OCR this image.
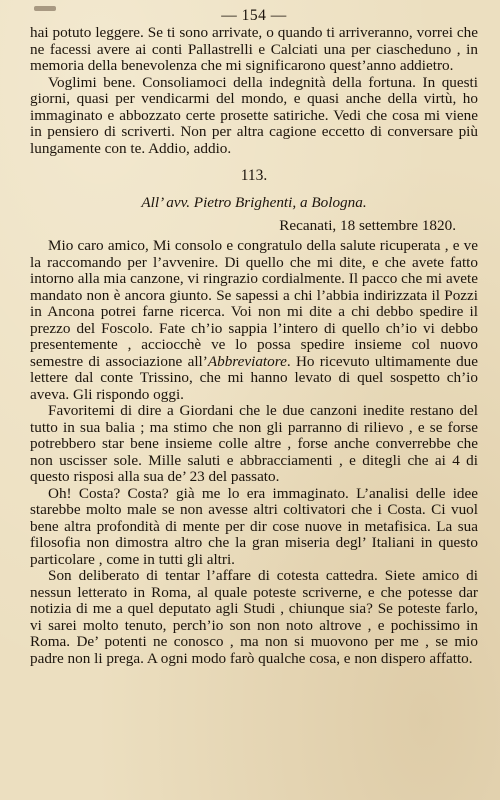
— 154 —

hai potuto leggere. Se ti sono arrivate, o quando ti arriveranno, vorrei che ne facessi avere ai conti Pallastrelli e Calciati una per ciascheduno , in memoria della benevolenza che mi significarono quest’anno addietro.

Voglimi bene. Consoliamoci della indegnità della fortuna. In questi giorni, quasi per vendicarmi del mondo, e quasi anche della virtù, ho immaginato e abbozzato certe prosette satiriche. Vedi che cosa mi viene in pensiero di scriverti. Non per altra cagione eccetto di conversare più lungamente con te. Addio, addio.

113.
All’ avv. Pietro Brighenti, a Bologna.
Recanati, 18 settembre 1820.

Mio caro amico, Mi consolo e congratulo della salute ricuperata , e ve la raccomando per l’avvenire. Di quello che mi dite, e che avete fatto intorno alla mia canzone, vi ringrazio cordialmente. Il pacco che mi avete mandato non è ancora giunto. Se sapessi a chi l’abbia indirizzata il Pozzi in Ancona potrei farne ricerca. Voi non mi dite a chi debbo spedire il prezzo del Foscolo. Fate ch’io sappia l’intero di quello ch’io vi debbo presentemente , acciocchè ve lo possa spedire insieme col nuovo semestre di associazione all’Abbreviatore. Ho ricevuto ultimamente due lettere dal conte Trissino, che mi hanno levato di quel sospetto ch’io aveva. Gli rispondo oggi.

Favoritemi di dire a Giordani che le due canzoni inedite restano del tutto in sua balia ; ma stimo che non gli parranno di rilievo , e se forse potrebbero star bene insieme colle altre , forse anche converrebbe che non uscisser sole. Mille saluti e abbracciamenti , e ditegli che ai 4 di questo risposi alla sua de’ 23 del passato.

Oh! Costa? Costa? già me lo era immaginato. L’analisi delle idee starebbe molto male se non avesse altri coltivatori che i Costa. Ci vuol bene altra profondità di mente per dir cose nuove in metafisica. La sua filosofia non dimostra altro che la gran miseria degl’ Italiani in questo particolare , come in tutti gli altri.

Son deliberato di tentar l’affare di cotesta cattedra. Siete amico di nessun letterato in Roma, al quale poteste scriverne, e che potesse dar notizia di me a quel deputato agli Studi , chiunque sia? Se poteste farlo, vi sarei molto tenuto, perch’io son non noto altrove , e pochissimo in Roma. De’ potenti ne conosco , ma non si muovono per me , se mio padre non li prega. A ogni modo farò qualche cosa, e non dispero affatto.
